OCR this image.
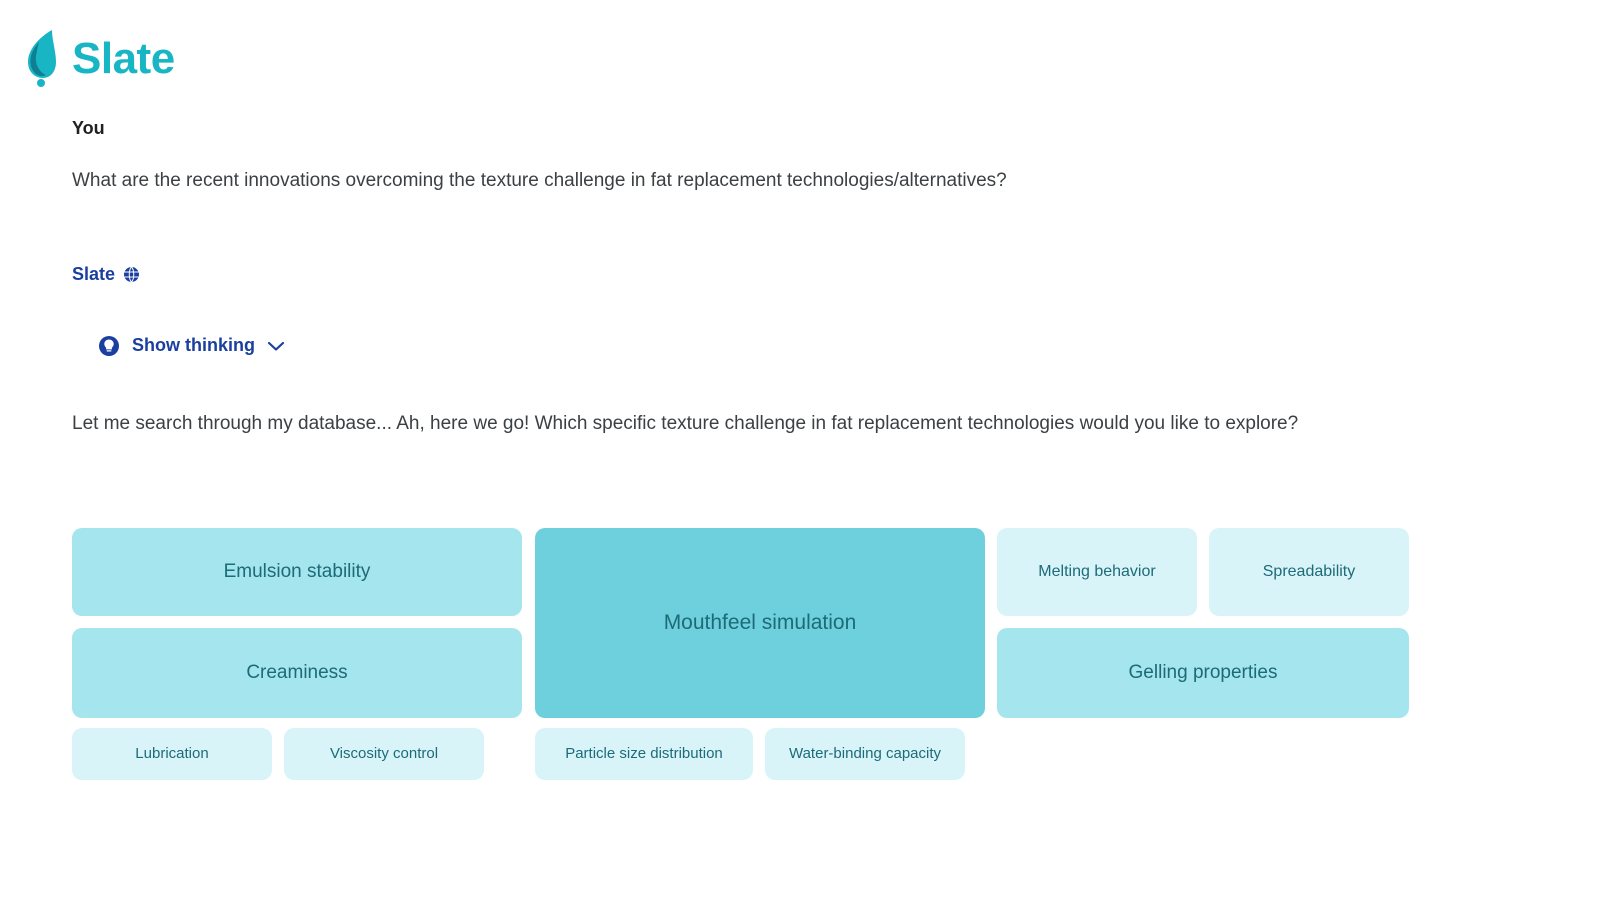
Slate

You

What are the recent innovations overcoming the texture challenge in fat replacement technologies/alternatives?

Slate
Show thinking

Let me search through my database... Ah, here we go! Which specific texture challenge in fat replacement technologies would you like to explore?

Emulsion stability
Creaminess
Mouthfeel simulation
Melting behavior	Spreadability
Gelling properties
Lubrication	Viscosity control	Particle size distribution	Water-binding capacity
